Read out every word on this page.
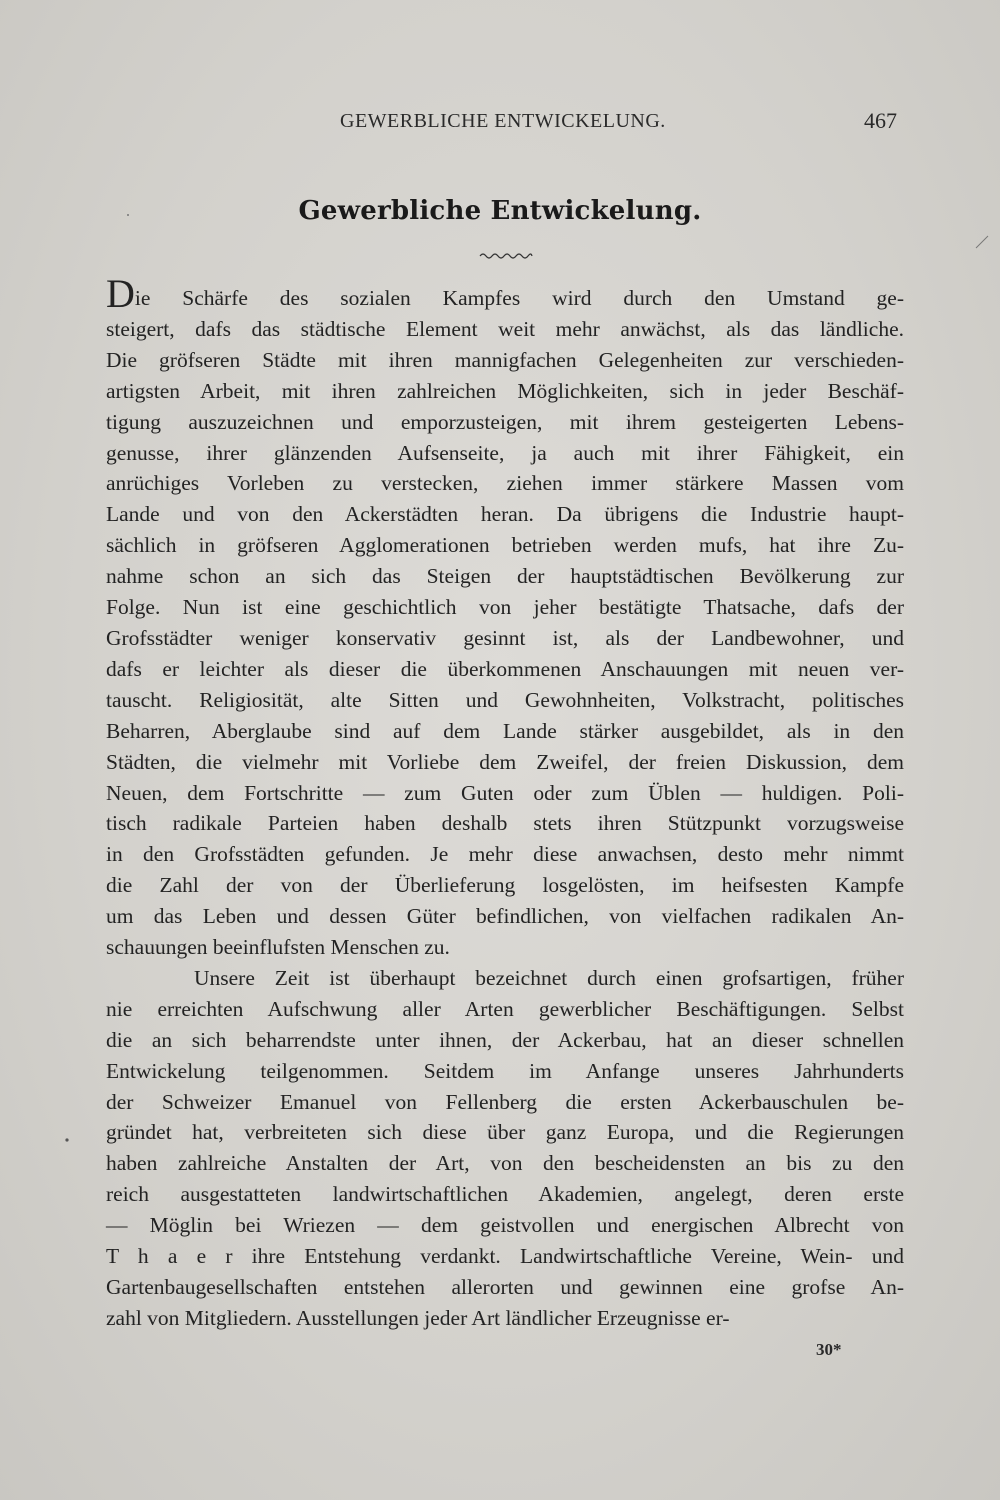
GEWERBLICHE ENTWICKELUNG.	467
Gewerbliche Entwickelung.
Die Schärfe des sozialen Kampfes wird durch den Umstand ge-
steigert, dafs das städtische Element weit mehr anwächst, als das ländliche.
Die gröfseren Städte mit ihren mannigfachen Gelegenheiten zur verschieden-
artigsten Arbeit, mit ihren zahlreichen Möglichkeiten, sich in jeder Beschäf-
tigung auszuzeichnen und emporzusteigen, mit ihrem gesteigerten Lebens-
genusse, ihrer glänzenden Aufsenseite, ja auch mit ihrer Fähigkeit, ein
anrüchiges Vorleben zu verstecken, ziehen immer stärkere Massen vom
Lande und von den Ackerstädten heran. Da übrigens die Industrie haupt-
sächlich in gröfseren Agglomerationen betrieben werden mufs, hat ihre Zu-
nahme schon an sich das Steigen der hauptstädtischen Bevölkerung zur
Folge. Nun ist eine geschichtlich von jeher bestätigte Thatsache, dafs der
Grofsstädter weniger konservativ gesinnt ist, als der Landbewohner, und
dafs er leichter als dieser die überkommenen Anschauungen mit neuen ver-
tauscht. Religiosität, alte Sitten und Gewohnheiten, Volkstracht, politisches
Beharren, Aberglaube sind auf dem Lande stärker ausgebildet, als in den
Städten, die vielmehr mit Vorliebe dem Zweifel, der freien Diskussion, dem
Neuen, dem Fortschritte — zum Guten oder zum Üblen — huldigen. Poli-
tisch radikale Parteien haben deshalb stets ihren Stützpunkt vorzugsweise
in den Grofsstädten gefunden. Je mehr diese anwachsen, desto mehr nimmt
die Zahl der von der Überlieferung losgelösten, im heifsesten Kampfe
um das Leben und dessen Güter befindlichen, von vielfachen radikalen An-
schauungen beeinflufsten Menschen zu.
Unsere Zeit ist überhaupt bezeichnet durch einen grofsartigen, früher
nie erreichten Aufschwung aller Arten gewerblicher Beschäftigungen. Selbst
die an sich beharrendste unter ihnen, der Ackerbau, hat an dieser schnellen
Entwickelung teilgenommen. Seitdem im Anfange unseres Jahrhunderts
der Schweizer Emanuel von Fellenberg die ersten Ackerbauschulen be-
gründet hat, verbreiteten sich diese über ganz Europa, und die Regierungen
haben zahlreiche Anstalten der Art, von den bescheidensten an bis zu den
reich ausgestatteten landwirtschaftlichen Akademien, angelegt, deren erste
— Möglin bei Wriezen — dem geistvollen und energischen Albrecht von
T h a e r ihre Entstehung verdankt. Landwirtschaftliche Vereine, Wein- und
Gartenbaugesellschaften entstehen allerorten und gewinnen eine grofse An-
zahl von Mitgliedern. Ausstellungen jeder Art ländlicher Erzeugnisse er-
30*
